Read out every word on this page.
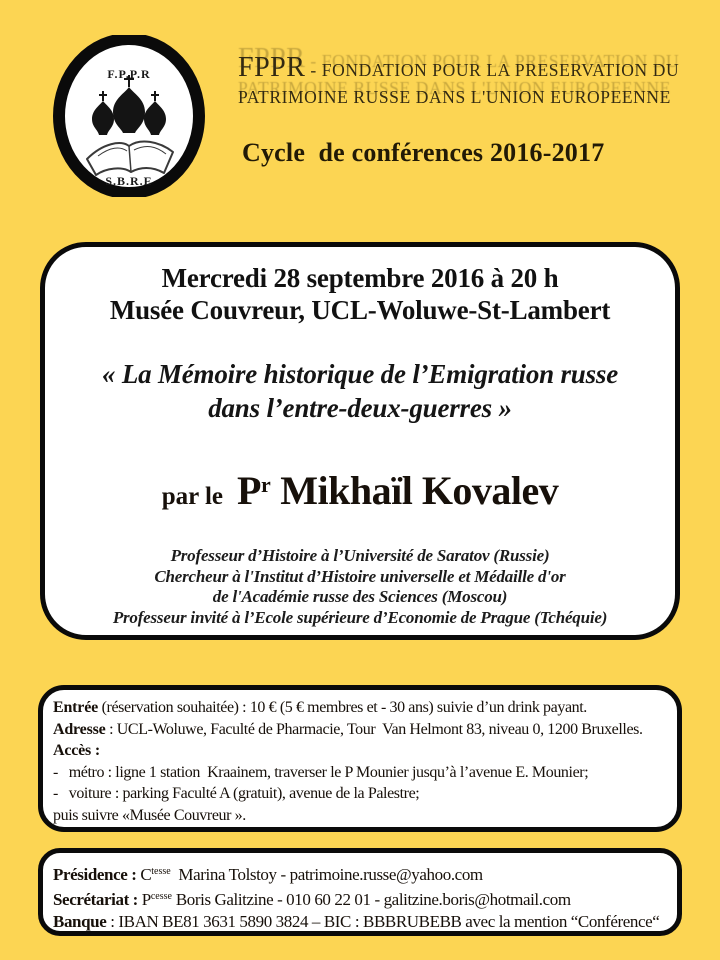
F.P.P.R
S.B.R.E
FPPR - FONDATION POUR LA PRESERVATION DU
PATRIMOINE RUSSE DANS L'UNION EUROPEENNE
Cycle  de conférences 2016-2017
Mercredi 28 septembre 2016 à 20 h
Musée Couvreur, UCL-Woluwe-St-Lambert
« La Mémoire historique de l’Emigration russe
dans l’entre-deux-guerres »
par le $P^r$ Mikhaïl Kovalev
Professeur d’Histoire à l’Université de Saratov (Russie)
Chercheur à l'Institut d’Histoire universelle et Médaille d'or
de l'Académie russe des Sciences (Moscou)
Professeur invité à l’Ecole supérieure d’Economie de Prague (Tchéquie)
Entrée (réservation souhaitée) : 10 € (5 € membres et - 30 ans) suivie d’un drink payant.
Adresse : UCL-Woluwe, Faculté de Pharmacie, Tour  Van Helmont 83, niveau 0, 1200 Bruxelles.
Accès :
-   métro : ligne 1 station  Kraainem, traverser le P Mounier jusqu’à l’avenue E. Mounier;
-   voiture : parking Faculté A (gratuit), avenue de la Palestre;
puis suivre «Musée Couvreur ».
Présidence : $C^{tesse}$  Marina Tolstoy - patrimoine.russe@yahoo.com
Secrétariat : $P^{cesse}$ Boris Galitzine - 010 60 22 01 - galitzine.boris@hotmail.com
Banque : IBAN BE81 3631 5890 3824 – BIC : BBBRUBEBB avec la mention “Conférence“
